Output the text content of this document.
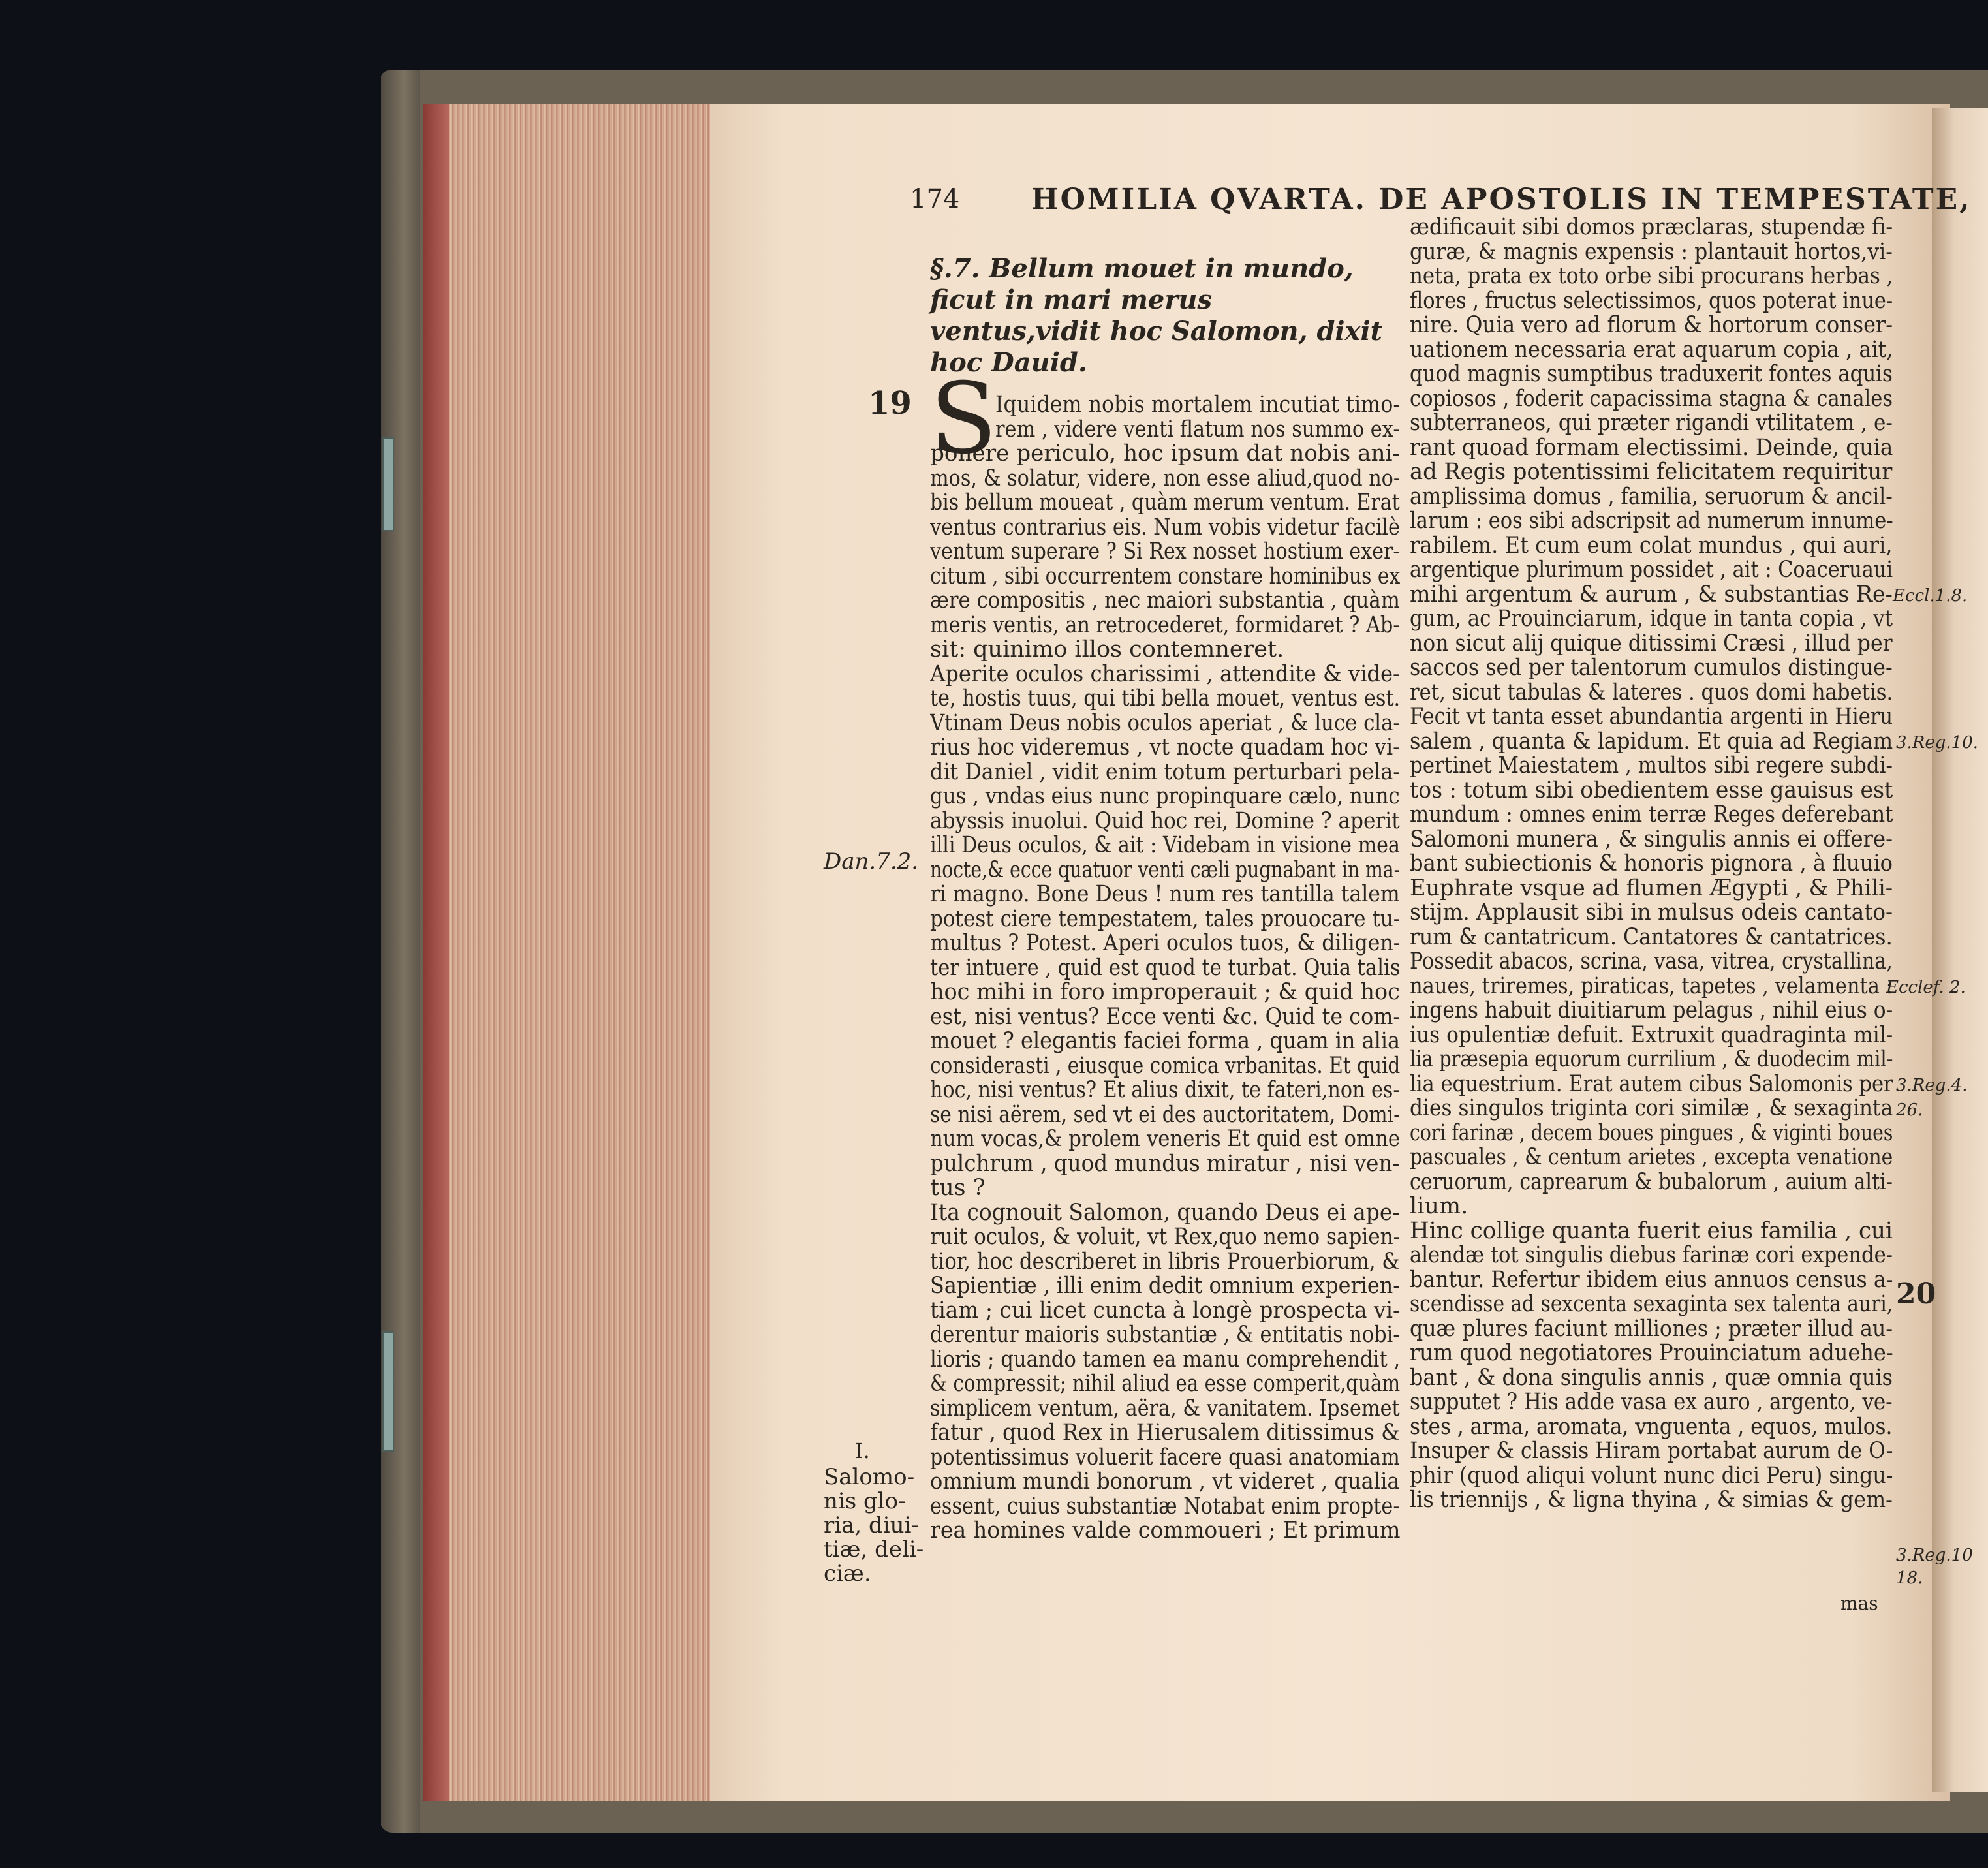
174 HOMILIA QVARTA. DE APOSTOLIS IN TEMPESTATE,
§.7. Bellum mouet in mundo, ficut in mari merus ventus,vidit hoc Salomon, dixit hoc Dauid.
S
Iquidem nobis mortalem incutiat timo-
rem , videre venti flatum nos summo ex-
ponere periculo, hoc ipsum dat nobis ani-
mos, & solatur, videre, non esse aliud,quod no-
bis bellum moueat , quàm merum ventum. Erat
ventus contrarius eis. Num vobis videtur facilè
ventum superare ? Si Rex nosset hostium exer-
citum , sibi occurrentem constare hominibus ex
ære compositis , nec maiori substantia , quàm
meris ventis, an retrocederet, formidaret ? Ab-
sit: quinimo illos contemneret.
Aperite oculos charissimi , attendite & vide-
te, hostis tuus, qui tibi bella mouet, ventus est.
Vtinam Deus nobis oculos aperiat , & luce cla-
rius hoc videremus , vt nocte quadam hoc vi-
dit Daniel , vidit enim totum perturbari pela-
gus , vndas eius nunc propinquare cælo, nunc
abyssis inuolui. Quid hoc rei, Domine ? aperit
illi Deus oculos, & ait : Videbam in visione mea
nocte,& ecce quatuor venti cæli pugnabant in ma-
ri magno. Bone Deus ! num res tantilla talem
potest ciere tempestatem, tales prouocare tu-
multus ? Potest. Aperi oculos tuos, & diligen-
ter intuere , quid est quod te turbat. Quia talis
hoc mihi in foro improperauit ; & quid hoc
est, nisi ventus? Ecce venti &c. Quid te com-
mouet ? elegantis faciei forma , quam in alia
considerasti , eiusque comica vrbanitas. Et quid
hoc, nisi ventus? Et alius dixit, te fateri,non es-
se nisi aërem, sed vt ei des auctoritatem, Domi-
num vocas,& prolem veneris Et quid est omne
pulchrum , quod mundus miratur , nisi ven-
tus ?
Ita cognouit Salomon, quando Deus ei ape-
ruit oculos, & voluit, vt Rex,quo nemo sapien-
tior, hoc describeret in libris Prouerbiorum, &
Sapientiæ , illi enim dedit omnium experien-
tiam ; cui licet cuncta à longè prospecta vi-
derentur maioris substantiæ , & entitatis nobi-
lioris ; quando tamen ea manu comprehendit ,
& compressit; nihil aliud ea esse comperit,quàm
simplicem ventum, aëra, & vanitatem. Ipsemet
fatur , quod Rex in Hierusalem ditissimus &
potentissimus voluerit facere quasi anatomiam
omnium mundi bonorum , vt videret , qualia
essent, cuius substantiæ Notabat enim propte-
rea homines valde commoueri ; Et primum
ædificauit sibi domos præclaras, stupendæ fi-
guræ, & magnis expensis : plantauit hortos,vi-
neta, prata ex toto orbe sibi procurans herbas ,
flores , fructus selectissimos, quos poterat inue-
nire. Quia vero ad florum & hortorum conser-
uationem necessaria erat aquarum copia , ait,
quod magnis sumptibus traduxerit fontes aquis
copiosos , foderit capacissima stagna & canales
subterraneos, qui præter rigandi vtilitatem , e-
rant quoad formam electissimi. Deinde, quia
ad Regis potentissimi felicitatem requiritur
amplissima domus , familia, seruorum & ancil-
larum : eos sibi adscripsit ad numerum innume-
rabilem. Et cum eum colat mundus , qui auri,
argentique plurimum possidet , ait : Coaceruaui
mihi argentum & aurum , & substantias Re-
gum, ac Prouinciarum, idque in tanta copia , vt
non sicut alij quique ditissimi Cræsi , illud per
saccos sed per talentorum cumulos distingue-
ret, sicut tabulas & lateres . quos domi habetis.
Fecit vt tanta esset abundantia argenti in Hieru
salem , quanta & lapidum. Et quia ad Regiam
pertinet Maiestatem , multos sibi regere subdi-
tos : totum sibi obedientem esse gauisus est
mundum : omnes enim terræ Reges deferebant
Salomoni munera , & singulis annis ei offere-
bant subiectionis & honoris pignora , à fluuio
Euphrate vsque ad flumen Ægypti , & Phili-
stijm. Applausit sibi in mulsus odeis cantato-
rum & cantatricum. Cantatores & cantatrices.
Possedit abacos, scrina, vasa, vitrea, crystallina,
naues, triremes, piraticas, tapetes , velamenta :
ingens habuit diuitiarum pelagus , nihil eius o-
ius opulentiæ defuit. Extruxit quadraginta mil-
lia præsepia equorum currilium , & duodecim mil-
lia equestrium. Erat autem cibus Salomonis per
dies singulos triginta cori similæ , & sexaginta
cori farinæ , decem boues pingues , & viginti boues
pascuales , & centum arietes , excepta venatione
ceruorum, caprearum & bubalorum , auium alti-
lium.
Hinc collige quanta fuerit eius familia , cui
alendæ tot singulis diebus farinæ cori expende-
bantur. Refertur ibidem eius annuos census a-
scendisse ad sexcenta sexaginta sex talenta auri,
quæ plures faciunt milliones ; præter illud au-
rum quod negotiatores Prouinciatum aduehe-
bant , & dona singulis annis , quæ omnia quis
supputet ? His adde vasa ex auro , argento, ve-
stes , arma, aromata, vnguenta , equos, mulos.
Insuper & classis Hiram portabat aurum de O-
phir (quod aliqui volunt nunc dici Peru) singu-
lis triennijs , & ligna thyina , & simias & gem-
19
Dan.7.2.
I.
Salomo-
nis glo-
ria, diui-
tiæ, deli-
ciæ.
Eccl.1.8.
3.Reg.10.
Ecclef. 2.
3.Reg.4.
26.
20
3.Reg.10
18.
mas
